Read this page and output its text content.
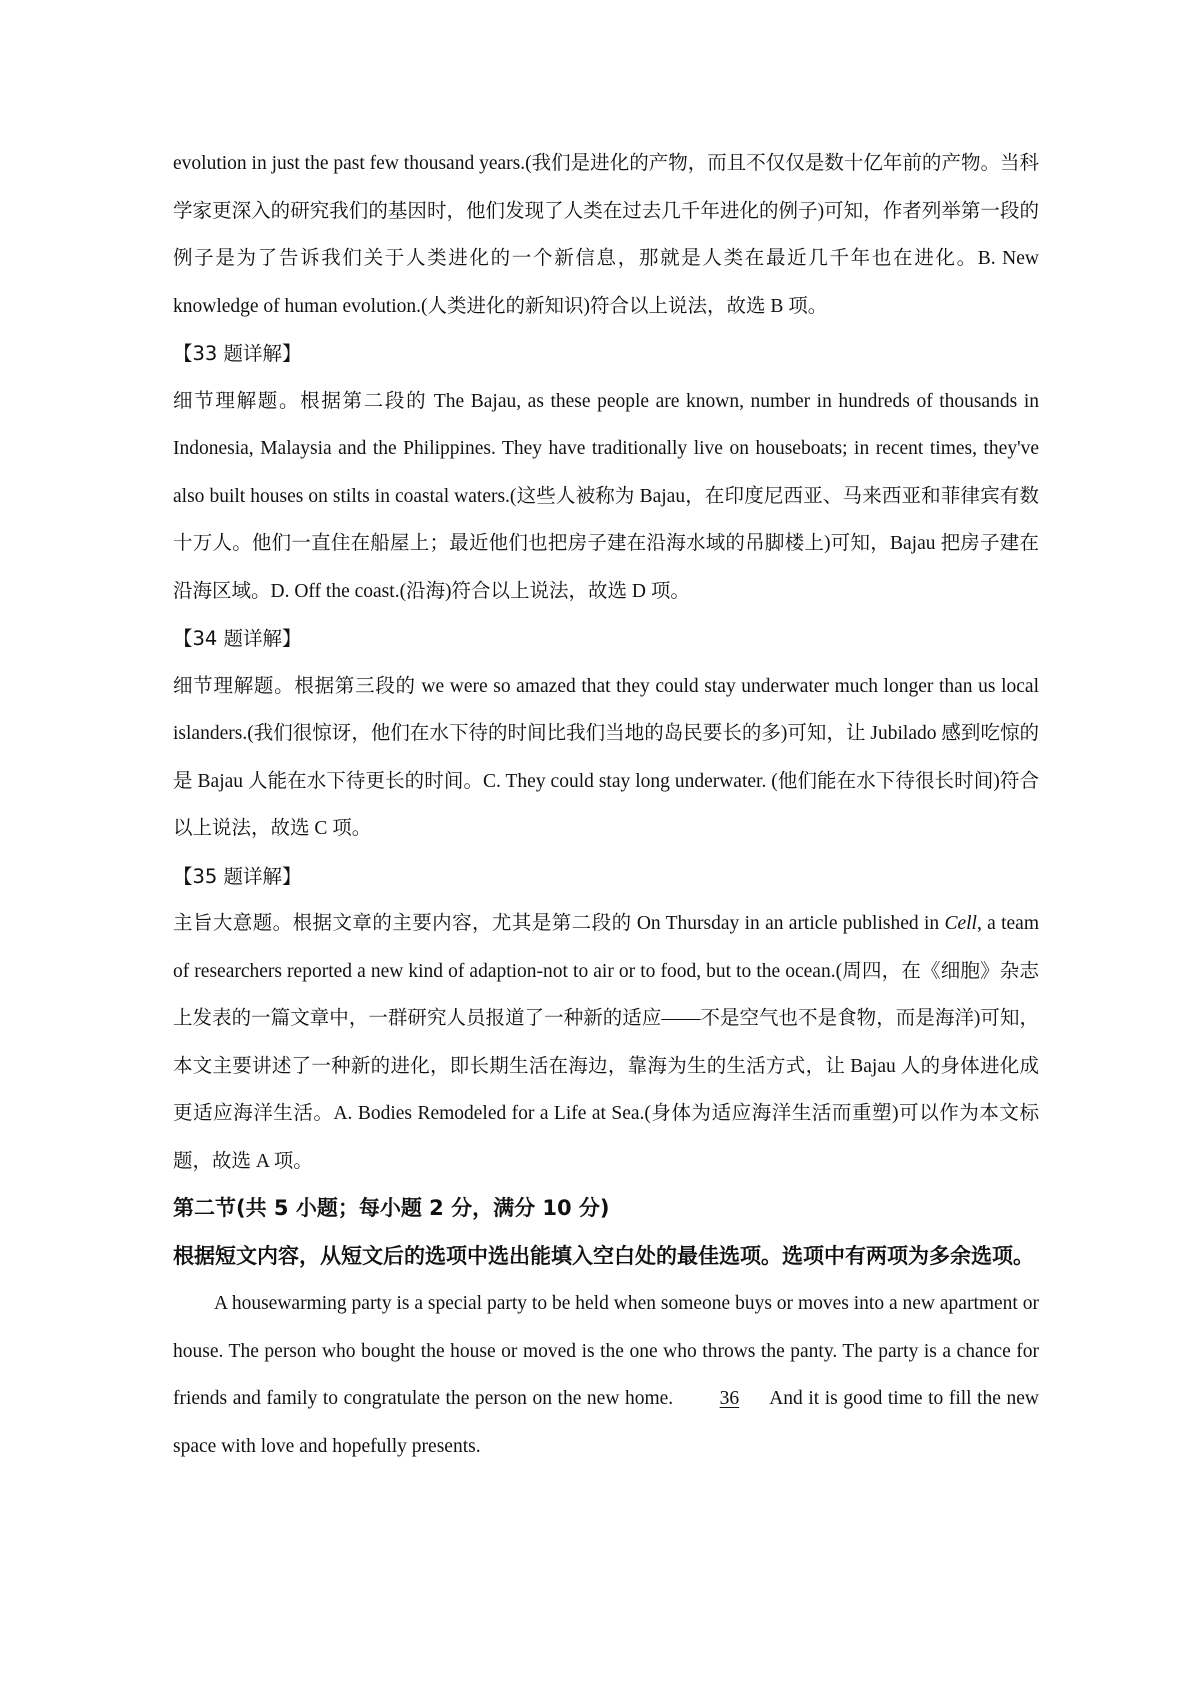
evolution in just the past few thousand years.(我们是进化的产物，而且不仅仅是数十亿年前的产物。当科学家更深入的研究我们的基因时，他们发现了人类在过去几千年进化的例子)可知，作者列举第一段的例子是为了告诉我们关于人类进化的一个新信息，那就是人类在最近几千年也在进化。B. New knowledge of human evolution.(人类进化的新知识)符合以上说法，故选 B 项。

【33 题详解】

细节理解题。根据第二段的 The Bajau, as these people are known, number in hundreds of thousands in Indonesia, Malaysia and the Philippines. They have traditionally live on houseboats; in recent times, they've also built houses on stilts in coastal waters.(这些人被称为 Bajau，在印度尼西亚、马来西亚和菲律宾有数十万人。他们一直住在船屋上；最近他们也把房子建在沿海水域的吊脚楼上)可知，Bajau 把房子建在沿海区域。D. Off the coast.(沿海)符合以上说法，故选 D 项。

【34 题详解】

细节理解题。根据第三段的 we were so amazed that they could stay underwater much longer than us local islanders.(我们很惊讶，他们在水下待的时间比我们当地的岛民要长的多)可知，让 Jubilado 感到吃惊的是 Bajau 人能在水下待更长的时间。C. They could stay long underwater. (他们能在水下待很长时间)符合以上说法，故选 C 项。

【35 题详解】

主旨大意题。根据文章的主要内容，尤其是第二段的 On Thursday in an article published in Cell, a team of researchers reported a new kind of adaption-not to air or to food, but to the ocean.(周四，在《细胞》杂志上发表的一篇文章中，一群研究人员报道了一种新的适应——不是空气也不是食物，而是海洋)可知，本文主要讲述了一种新的进化，即长期生活在海边，靠海为生的生活方式，让 Bajau 人的身体进化成更适应海洋生活。A. Bodies Remodeled for a Life at Sea.(身体为适应海洋生活而重塑)可以作为本文标题，故选 A 项。

第二节(共 5 小题；每小题 2 分，满分 10 分)

根据短文内容，从短文后的选项中选出能填入空白处的最佳选项。选项中有两项为多余选项。

A housewarming party is a special party to be held when someone buys or moves into a new apartment or house. The person who bought the house or moved is the one who throws the panty. The party is a chance for friends and family to congratulate the person on the new home. 36 And it is good time to fill the new space with love and hopefully presents.
